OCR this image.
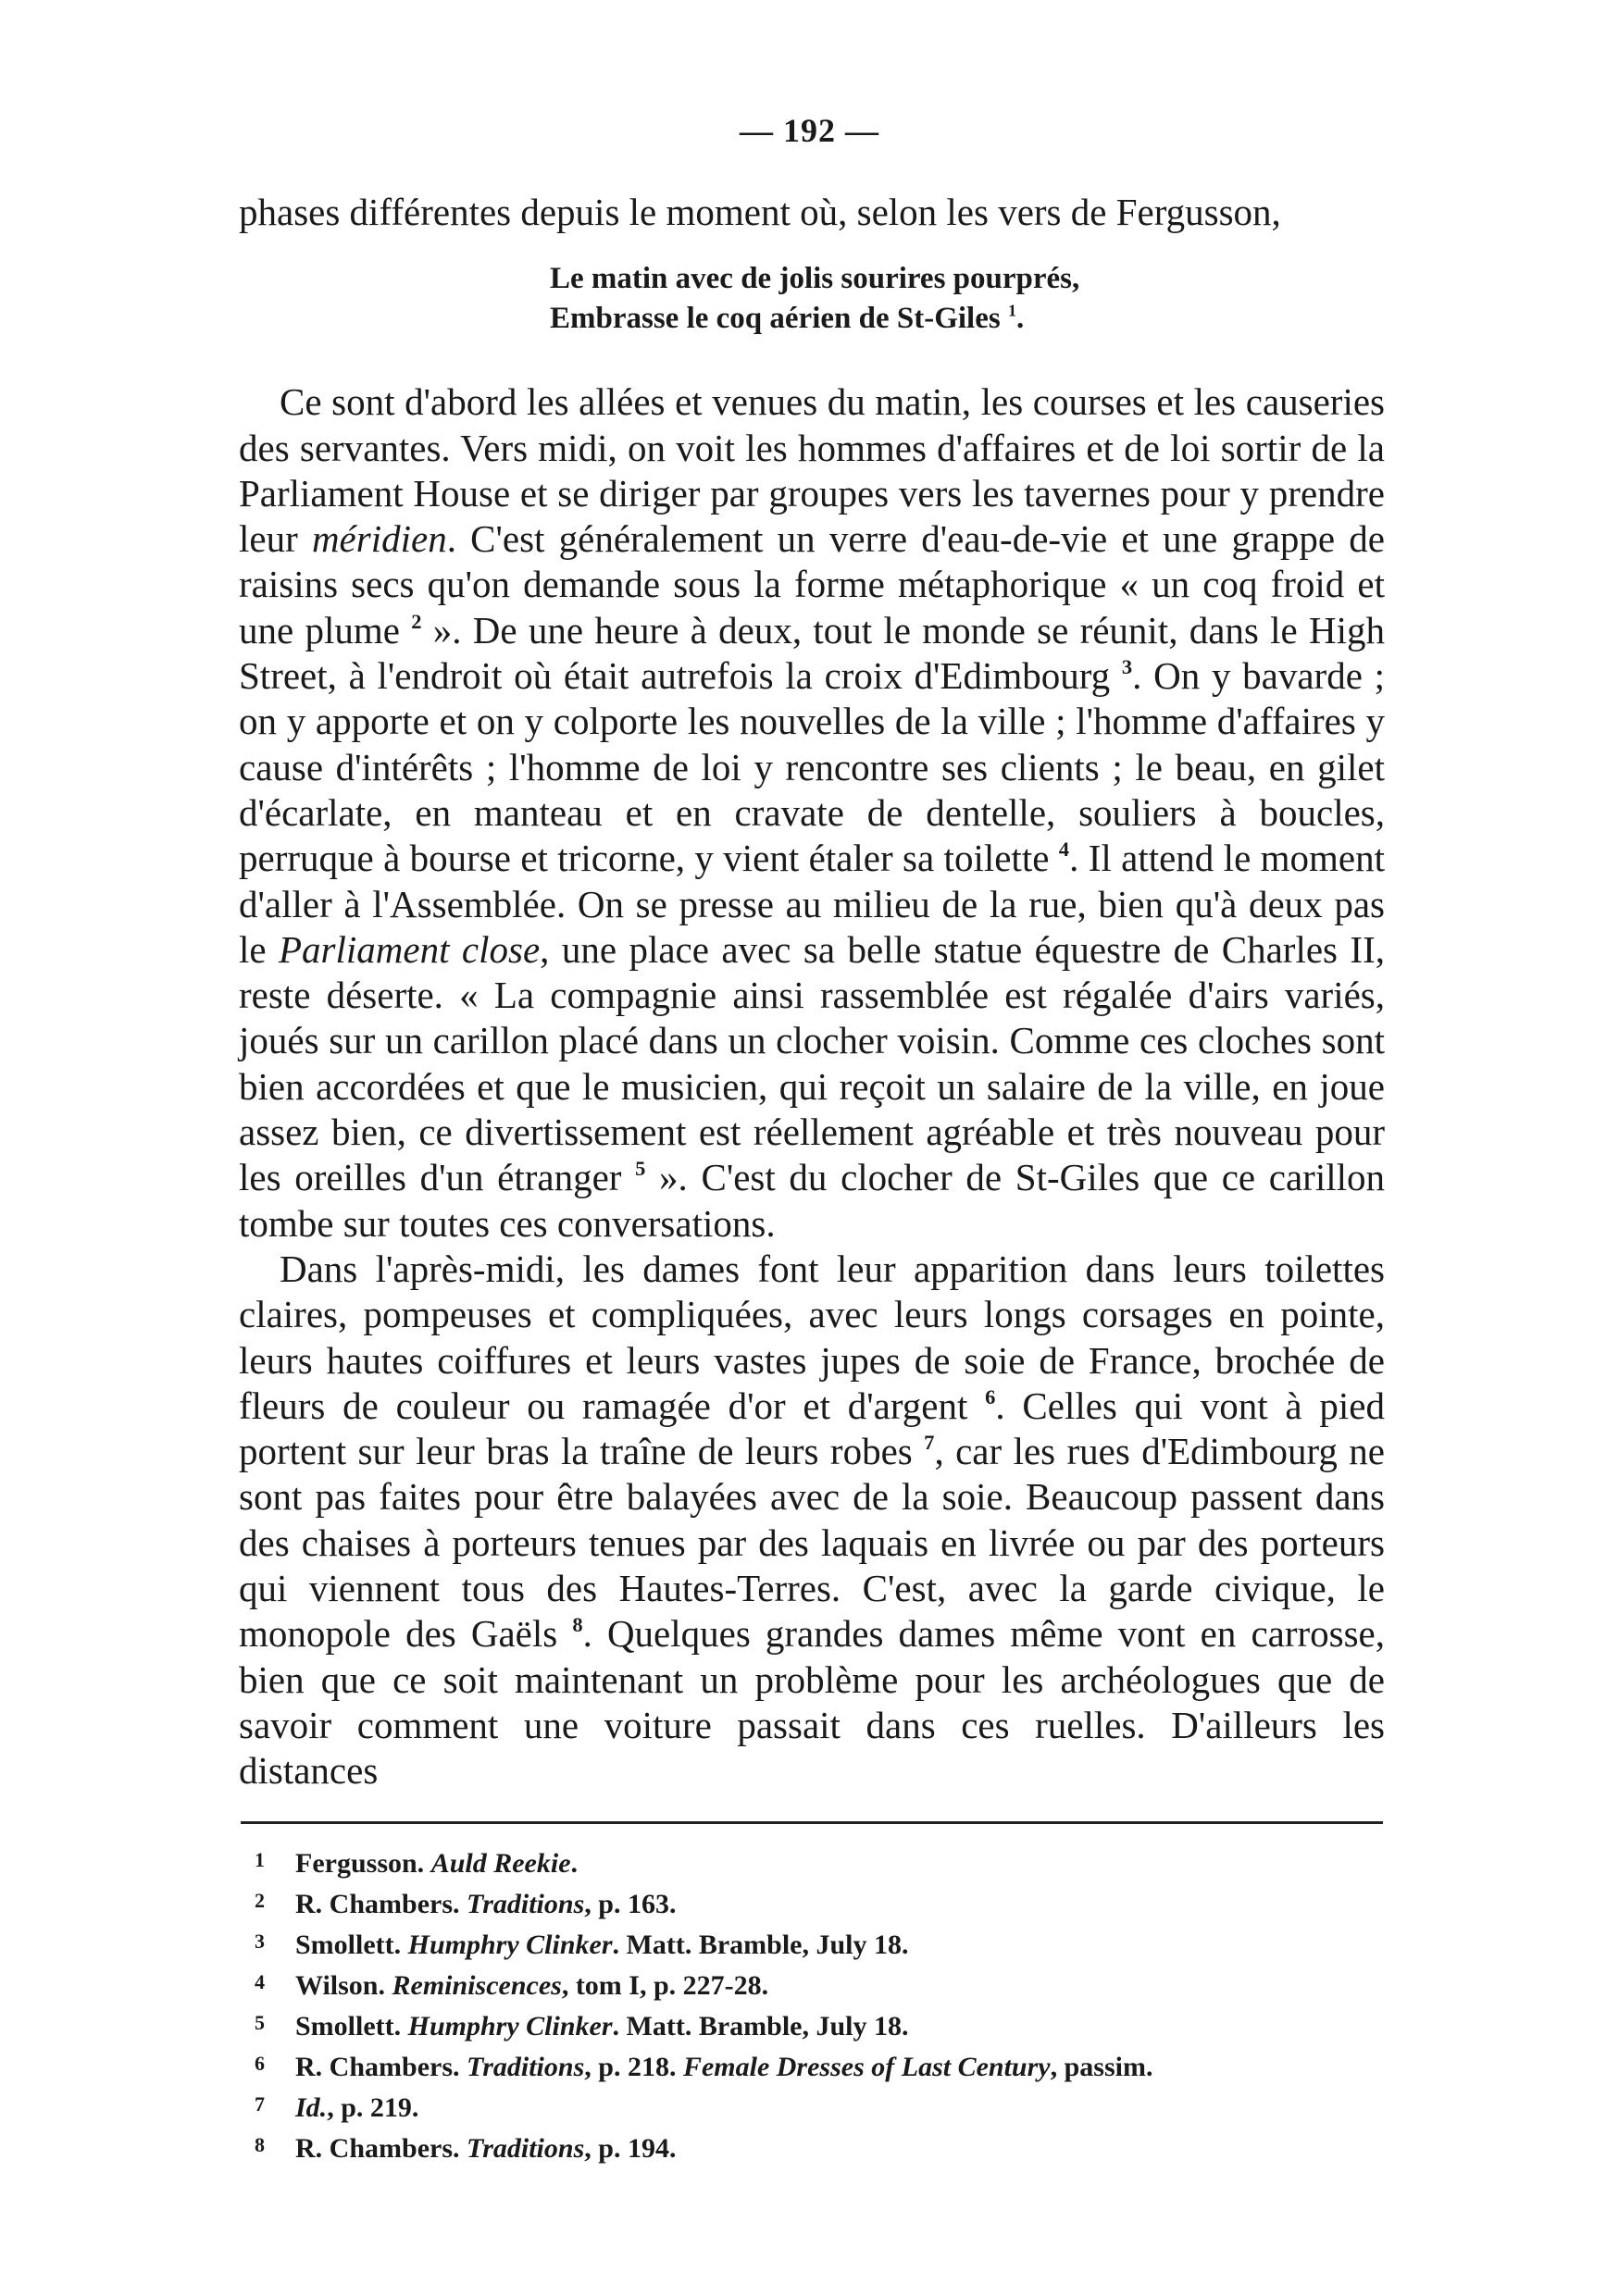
— 192 —

phases différentes depuis le moment où, selon les vers de Fergusson,

Le matin avec de jolis sourires pourprés,
Embrasse le coq aérien de St-Giles $^1$.

Ce sont d'abord les allées et venues du matin, les courses et les causeries des servantes. Vers midi, on voit les hommes d'affaires et de loi sortir de la Parliament House et se diriger par groupes vers les tavernes pour y prendre leur méridien. C'est généralement un verre d'eau-de-vie et une grappe de raisins secs qu'on demande sous la forme métaphorique « un coq froid et une plume $^2$ ». De une heure à deux, tout le monde se réunit, dans le High Street, à l'endroit où était autrefois la croix d'Edimbourg $^3$. On y bavarde ; on y apporte et on y colporte les nouvelles de la ville ; l'homme d'affaires y cause d'intérêts ; l'homme de loi y rencontre ses clients ; le beau, en gilet d'écarlate, en manteau et en cravate de dentelle, souliers à boucles, perruque à bourse et tricorne, y vient étaler sa toilette $^4$. Il attend le moment d'aller à l'Assemblée. On se presse au milieu de la rue, bien qu'à deux pas le Parliament close, une place avec sa belle statue équestre de Charles II, reste déserte. « La compagnie ainsi rassemblée est régalée d'airs variés, joués sur un carillon placé dans un clocher voisin. Comme ces cloches sont bien accordées et que le musicien, qui reçoit un salaire de la ville, en joue assez bien, ce divertissement est réellement agréable et très nouveau pour les oreilles d'un étranger $^5$ ». C'est du clocher de St-Giles que ce carillon tombe sur toutes ces conversations.

Dans l'après-midi, les dames font leur apparition dans leurs toilettes claires, pompeuses et compliquées, avec leurs longs corsages en pointe, leurs hautes coiffures et leurs vastes jupes de soie de France, brochée de fleurs de couleur ou ramagée d'or et d'argent $^6$. Celles qui vont à pied portent sur leur bras la traîne de leurs robes $^7$, car les rues d'Edimbourg ne sont pas faites pour être balayées avec de la soie. Beaucoup passent dans des chaises à porteurs tenues par des laquais en livrée ou par des porteurs qui viennent tous des Hautes-Terres. C'est, avec la garde civique, le monopole des Gaëls $^8$. Quelques grandes dames même vont en carrosse, bien que ce soit maintenant un problème pour les archéologues que de savoir comment une voiture passait dans ces ruelles. D'ailleurs les distances

1 Fergusson. Auld Reekie.
2 R. Chambers. Traditions, p. 163.
3 Smollett. Humphry Clinker. Matt. Bramble, July 18.
4 Wilson. Reminiscences, tom I, p. 227-28.
5 Smollett. Humphry Clinker. Matt. Bramble, July 18.
6 R. Chambers. Traditions, p. 218. Female Dresses of Last Century, passim.
7 Id., p. 219.
8 R. Chambers. Traditions, p. 194.
